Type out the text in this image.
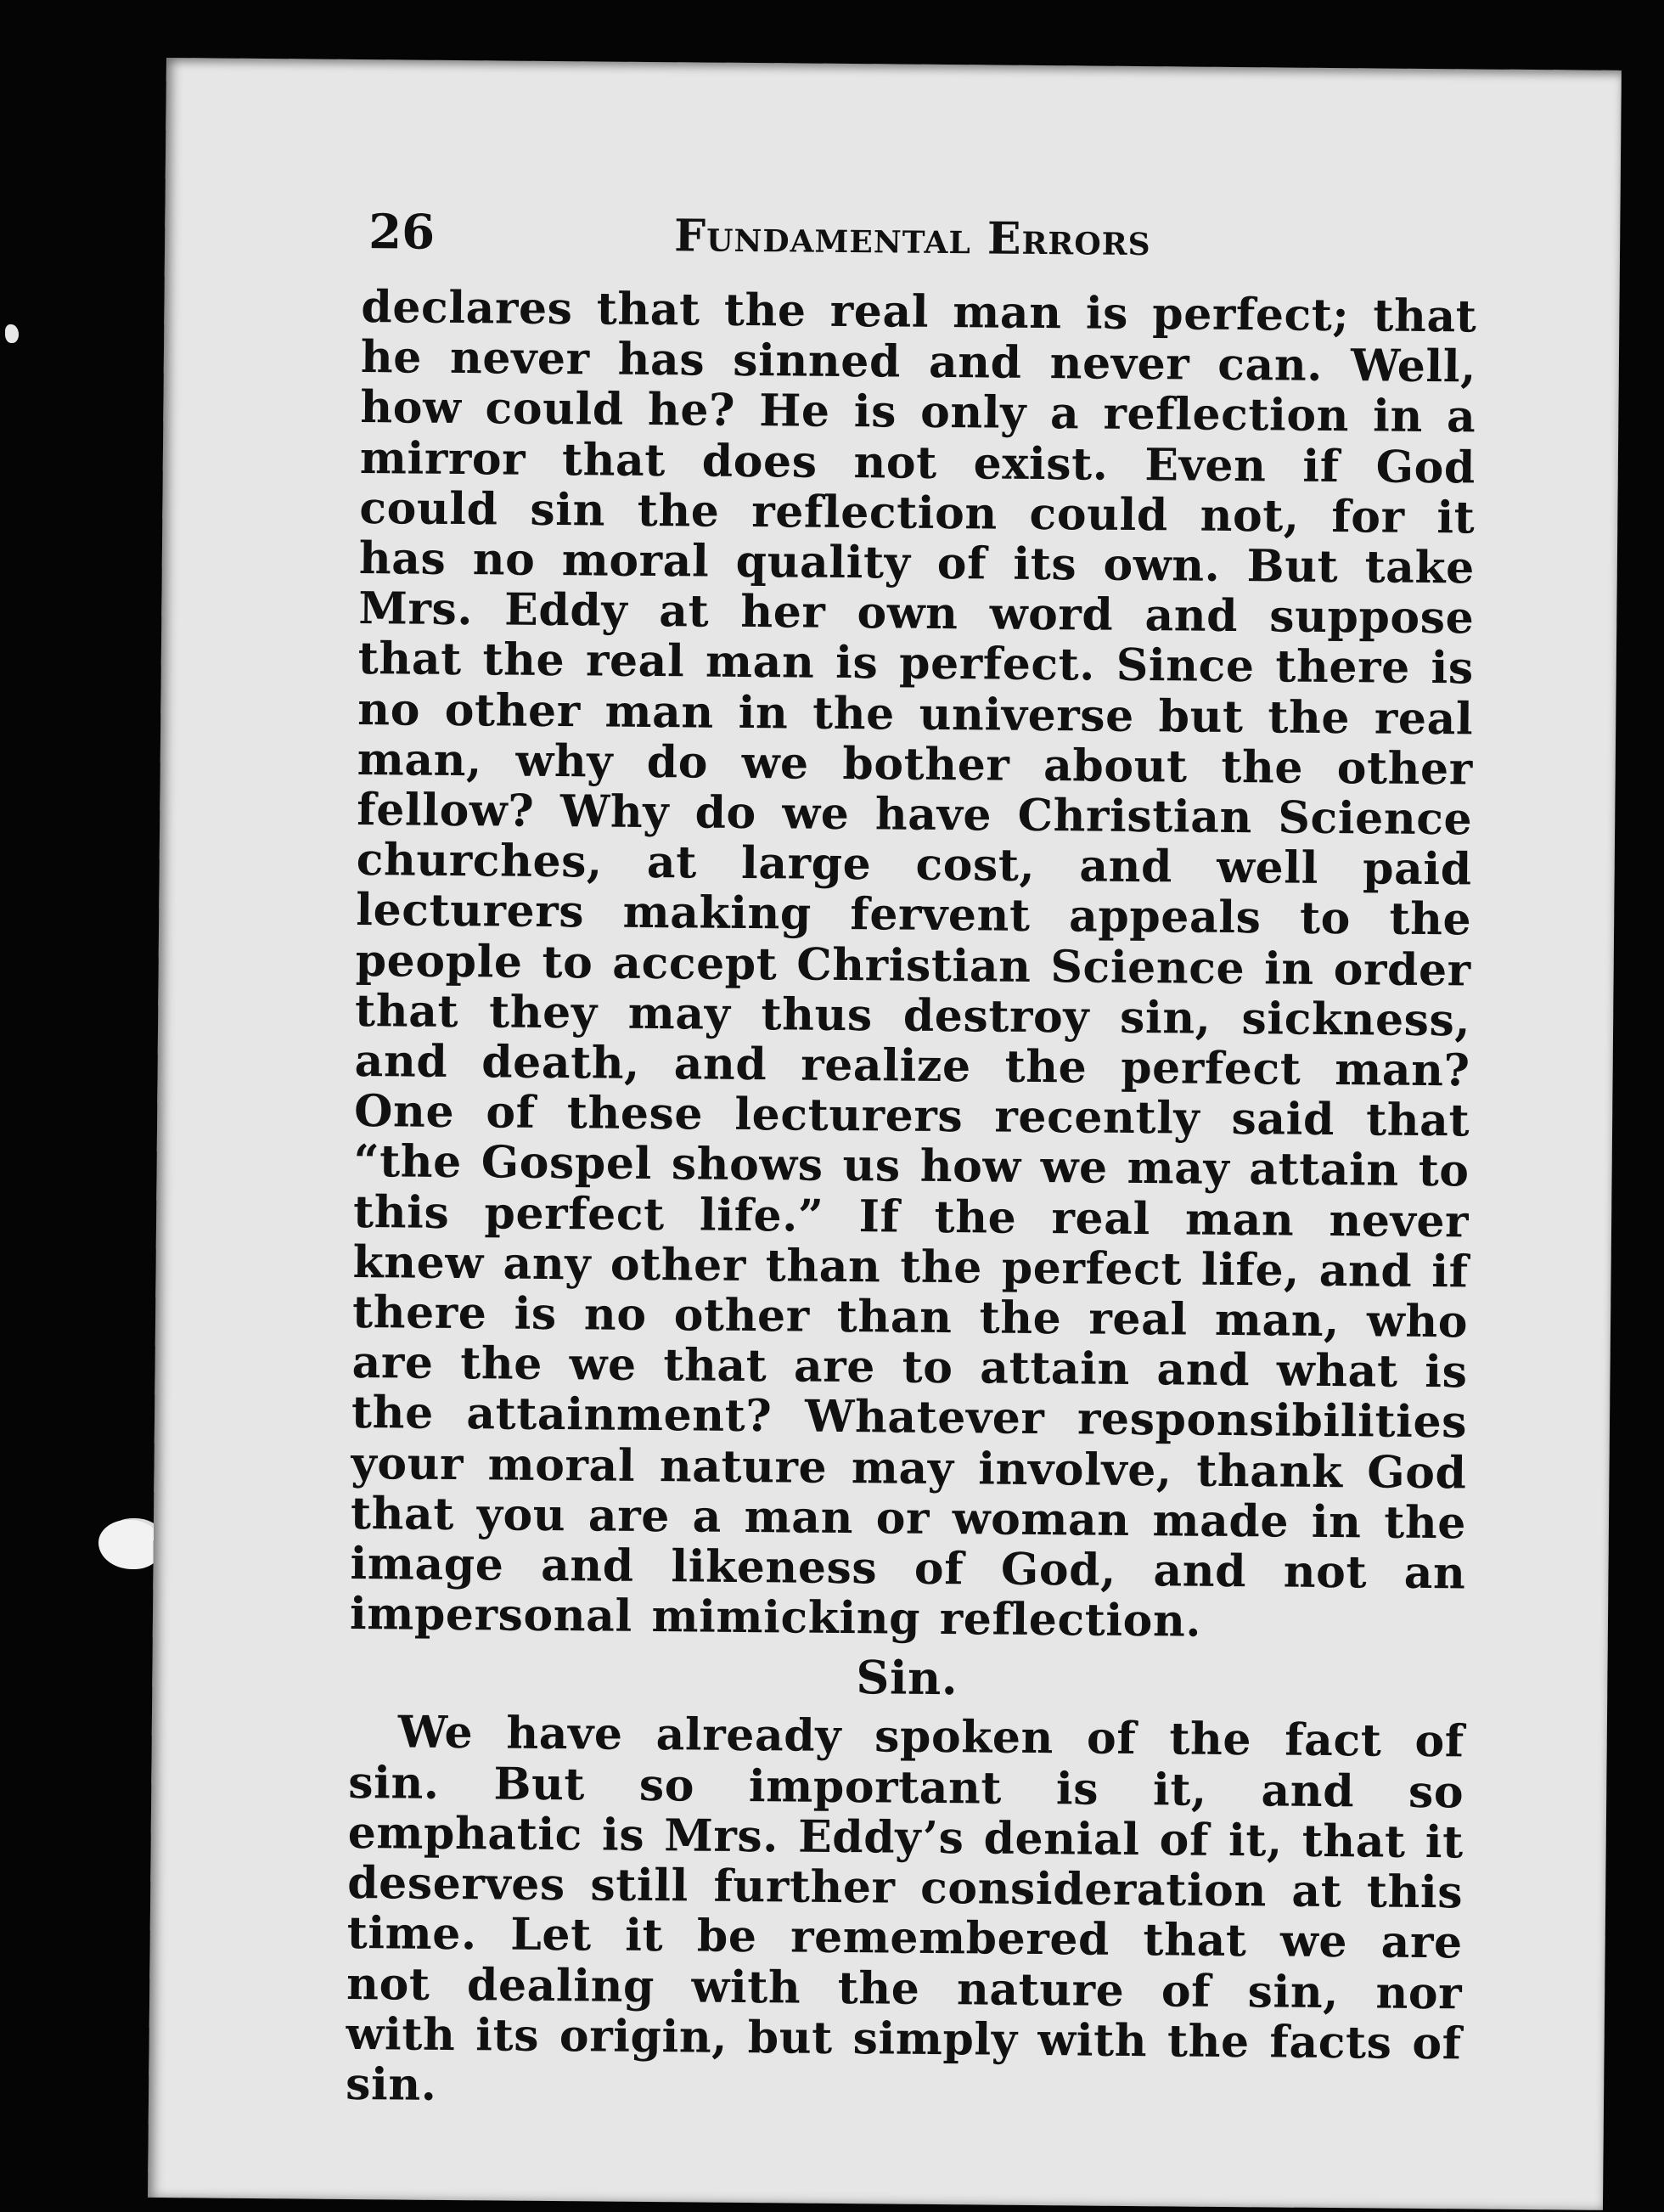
26	Fundamental Errors

declares that the real man is perfect; that he never has sinned and never can. Well, how could he? He is only a reflection in a mirror that does not exist. Even if God could sin the reflection could not, for it has no moral quality of its own. But take Mrs. Eddy at her own word and suppose that the real man is perfect. Since there is no other man in the universe but the real man, why do we bother about the other fellow? Why do we have Christian Science churches, at large cost, and well paid lecturers making fervent appeals to the people to accept Christian Science in order that they may thus destroy sin, sickness, and death, and realize the perfect man? One of these lecturers recently said that “the Gospel shows us how we may attain to this perfect life.” If the real man never knew any other than the perfect life, and if there is no other than the real man, who are the we that are to attain and what is the attainment? Whatever responsibilities your moral nature may involve, thank God that you are a man or woman made in the image and likeness of God, and not an impersonal mimicking reflection.

Sin.

We have already spoken of the fact of sin. But so important is it, and so emphatic is Mrs. Eddy’s denial of it, that it deserves still further consideration at this time. Let it be remembered that we are not dealing with the nature of sin, nor with its origin, but simply with the facts of sin.
